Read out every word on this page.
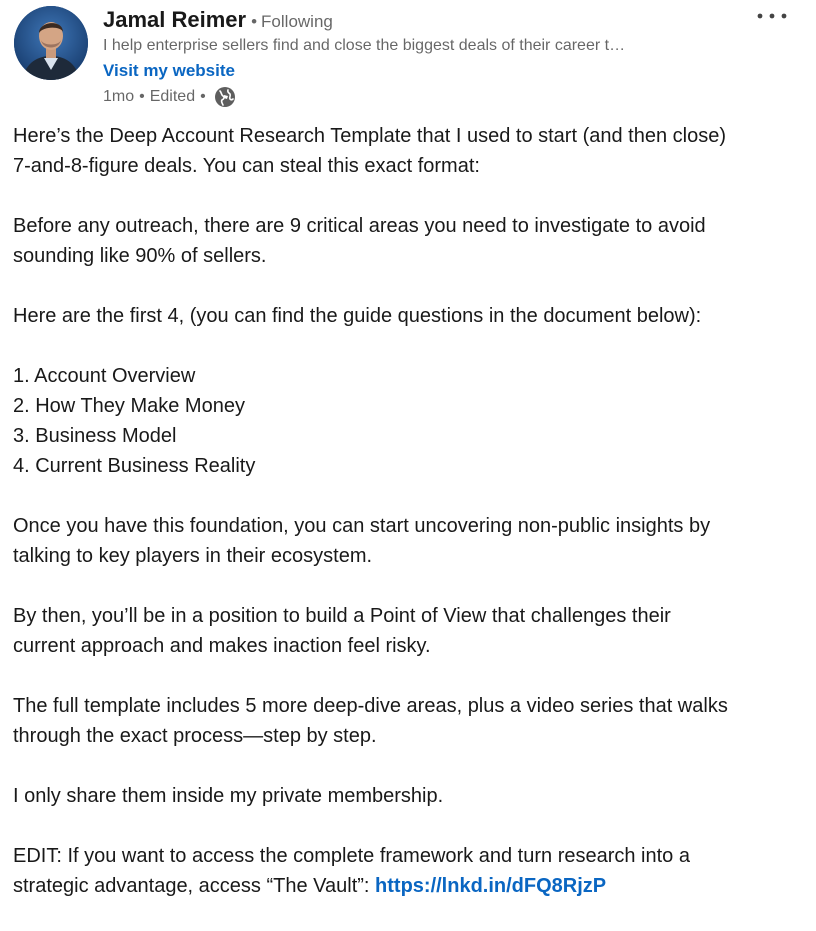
Jamal Reimer • Following
I help enterprise sellers find and close the biggest deals of their career t…
Visit my website
1mo • Edited •

Here’s the Deep Account Research Template that I used to start (and then close)
7-and-8-figure deals. You can steal this exact format:

Before any outreach, there are 9 critical areas you need to investigate to avoid
sounding like 90% of sellers.

Here are the first 4, (you can find the guide questions in the document below):

1. Account Overview
2. How They Make Money
3. Business Model
4. Current Business Reality

Once you have this foundation, you can start uncovering non-public insights by
talking to key players in their ecosystem.

By then, you’ll be in a position to build a Point of View that challenges their
current approach and makes inaction feel risky.

The full template includes 5 more deep-dive areas, plus a video series that walks
through the exact process—step by step.

I only share them inside my private membership.

EDIT: If you want to access the complete framework and turn research into a
strategic advantage, access “The Vault”: https://lnkd.in/dFQ8RjzP
